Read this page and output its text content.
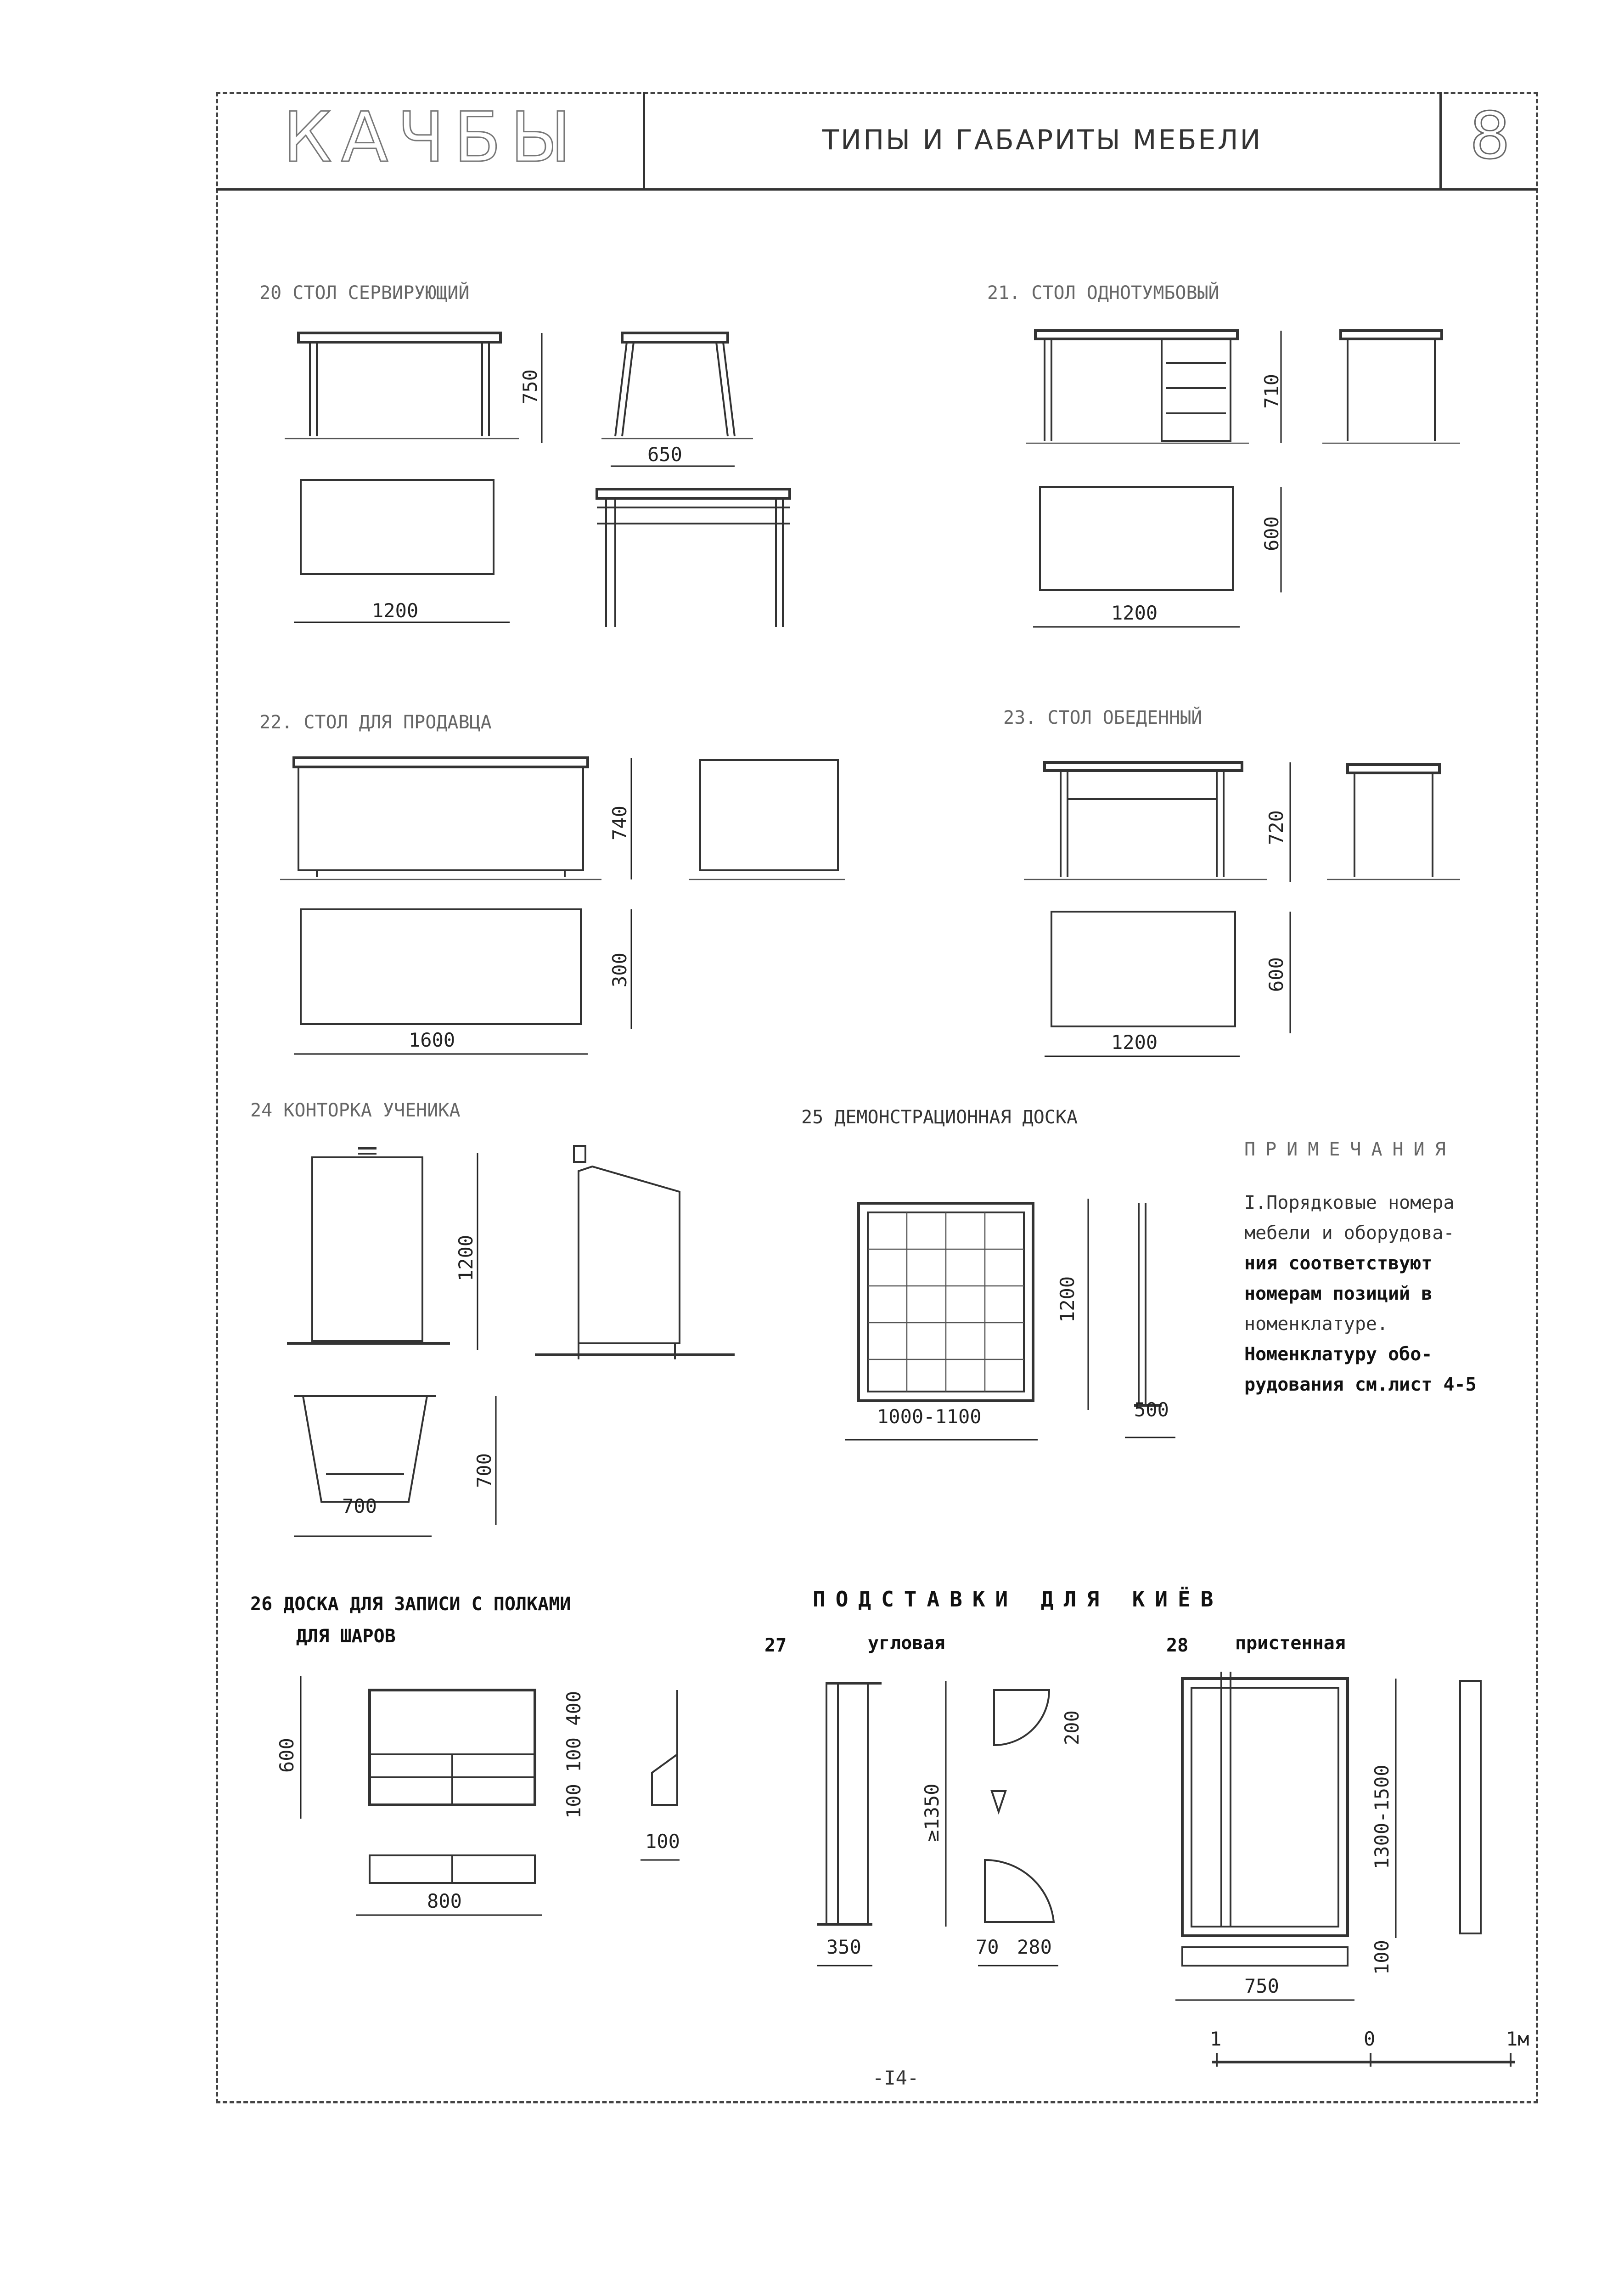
КАЧБЫ	ТИПЫ И ГАБАРИТЫ МЕБЕЛИ	8
20 СТОЛ СЕРВИРУЮЩИЙ
750
650
1200
21. СТОЛ ОДНОТУМБОВЫЙ
710
600
1200
22. СТОЛ ДЛЯ ПРОДАВЦА
740
300
1600
23. СТОЛ ОБЕДЕННЫЙ
720
600
1200
24 КОНТОРКА УЧЕНИКА
1200
700
700
25 ДЕМОНСТРАЦИОННАЯ ДОСКА
1200
1000-1100	500
ПРИМЕЧАНИЯ
I.Порядковые номера
мебели и оборудова-
ния соответствуют
номерам позиций в
номенклатуре.
Номенклатуру обо-
рудования см.лист 4-5
26 ДОСКА ДЛЯ ЗАПИСИ С ПОЛКАМИ
ДЛЯ ШАРОВ
600	100 100 400
100
800
ПОДСТАВКИ ДЛЯ КИЁВ
27	угловая
≥1350
200
350	70 280
28	пристенная
1300-1500
100
750
1	0	1м
-I4-
